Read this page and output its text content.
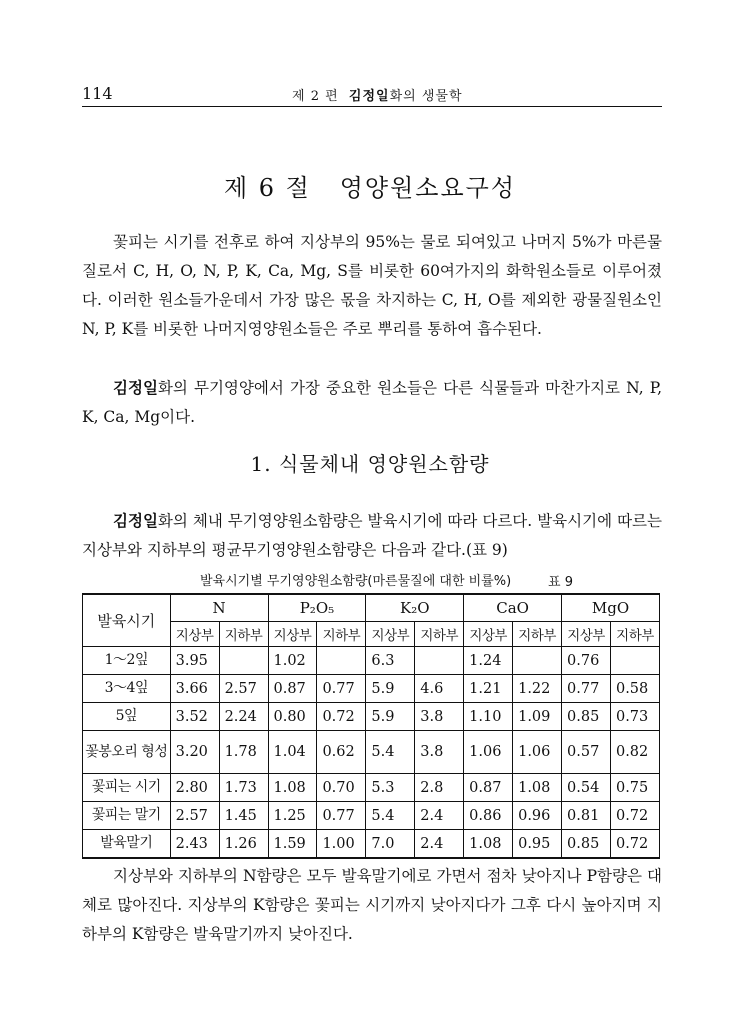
114	제 2 편 김정일화의 생물학
제 6 절   영양원소요구성

꽃피는 시기를 전후로 하여 지상부의 95%는 물로 되여있고 나머지 5%가 마른물질로서 C, H, O, N, P, K, Ca, Mg, S를 비롯한 60여가지의 화학원소들로 이루어졌다. 이러한 원소들가운데서 가장 많은 몫을 차지하는 C, H, O를 제외한 광물질원소인 N, P, K를 비롯한 나머지영양원소들은 주로 뿌리를 통하여 흡수된다.

김정일화의 무기영양에서 가장 중요한 원소들은 다른 식물들과 마찬가지로 N, P, K, Ca, Mg이다.

1. 식물체내 영양원소함량

김정일화의 체내 무기영양원소함량은 발육시기에 따라 다르다. 발육시기에 따르는 지상부와 지하부의 평균무기영양원소함량은 다음과 같다.(표 9)

발육시기별 무기영양원소함량(마른물질에 대한 비률%)	표 9
발육시기	N		P₂O₅		K₂O		CaO		MgO	
	지상부	지하부	지상부	지하부	지상부	지하부	지상부	지하부	지상부	지하부
1～2잎	3.95		1.02		6.3		1.24		0.76	
3～4잎	3.66	2.57	0.87	0.77	5.9	4.6	1.21	1.22	0.77	0.58
5잎	3.52	2.24	0.80	0.72	5.9	3.8	1.10	1.09	0.85	0.73
꽃봉오리 형성	3.20	1.78	1.04	0.62	5.4	3.8	1.06	1.06	0.57	0.82
꽃피는 시기	2.80	1.73	1.08	0.70	5.3	2.8	0.87	1.08	0.54	0.75
꽃피는 말기	2.57	1.45	1.25	0.77	5.4	2.4	0.86	0.96	0.81	0.72
발육말기	2.43	1.26	1.59	1.00	7.0	2.4	1.08	0.95	0.85	0.72

지상부와 지하부의 N함량은 모두 발육말기에로 가면서 점차 낮아지나 P함량은 대체로 많아진다. 지상부의 K함량은 꽃피는 시기까지 낮아지다가 그후 다시 높아지며 지하부의 K함량은 발육말기까지 낮아진다.
